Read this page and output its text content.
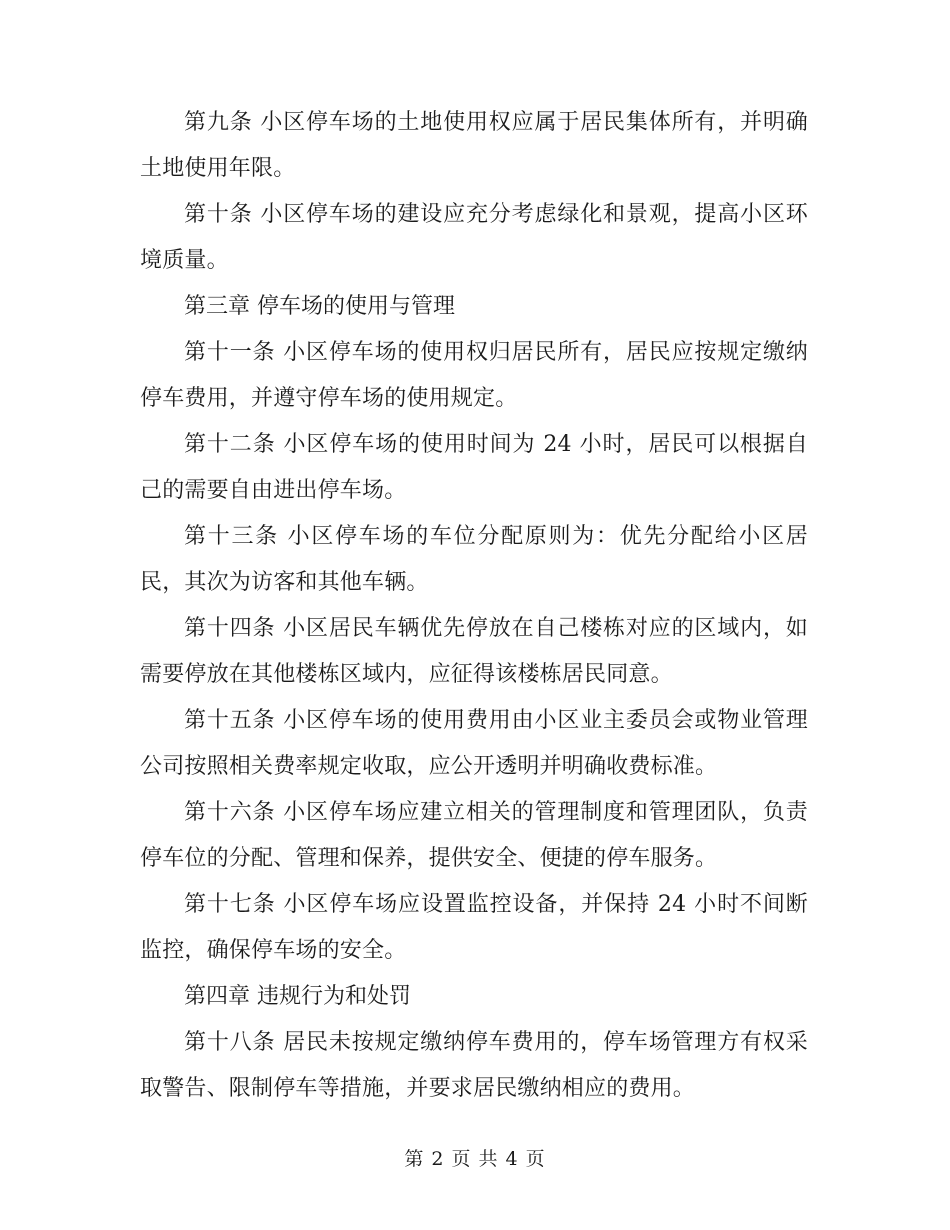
第九条 小区停车场的土地使用权应属于居民集体所有，并明确土地使用年限。

第十条 小区停车场的建设应充分考虑绿化和景观，提高小区环境质量。

第三章 停车场的使用与管理

第十一条 小区停车场的使用权归居民所有，居民应按规定缴纳停车费用，并遵守停车场的使用规定。

第十二条 小区停车场的使用时间为 24 小时，居民可以根据自己的需要自由进出停车场。

第十三条 小区停车场的车位分配原则为：优先分配给小区居民，其次为访客和其他车辆。

第十四条 小区居民车辆优先停放在自己楼栋对应的区域内，如需要停放在其他楼栋区域内，应征得该楼栋居民同意。

第十五条 小区停车场的使用费用由小区业主委员会或物业管理公司按照相关费率规定收取，应公开透明并明确收费标准。

第十六条 小区停车场应建立相关的管理制度和管理团队，负责停车位的分配、管理和保养，提供安全、便捷的停车服务。

第十七条 小区停车场应设置监控设备，并保持 24 小时不间断监控，确保停车场的安全。

第四章 违规行为和处罚

第十八条 居民未按规定缴纳停车费用的，停车场管理方有权采取警告、限制停车等措施，并要求居民缴纳相应的费用。

第 2 页 共 4 页
